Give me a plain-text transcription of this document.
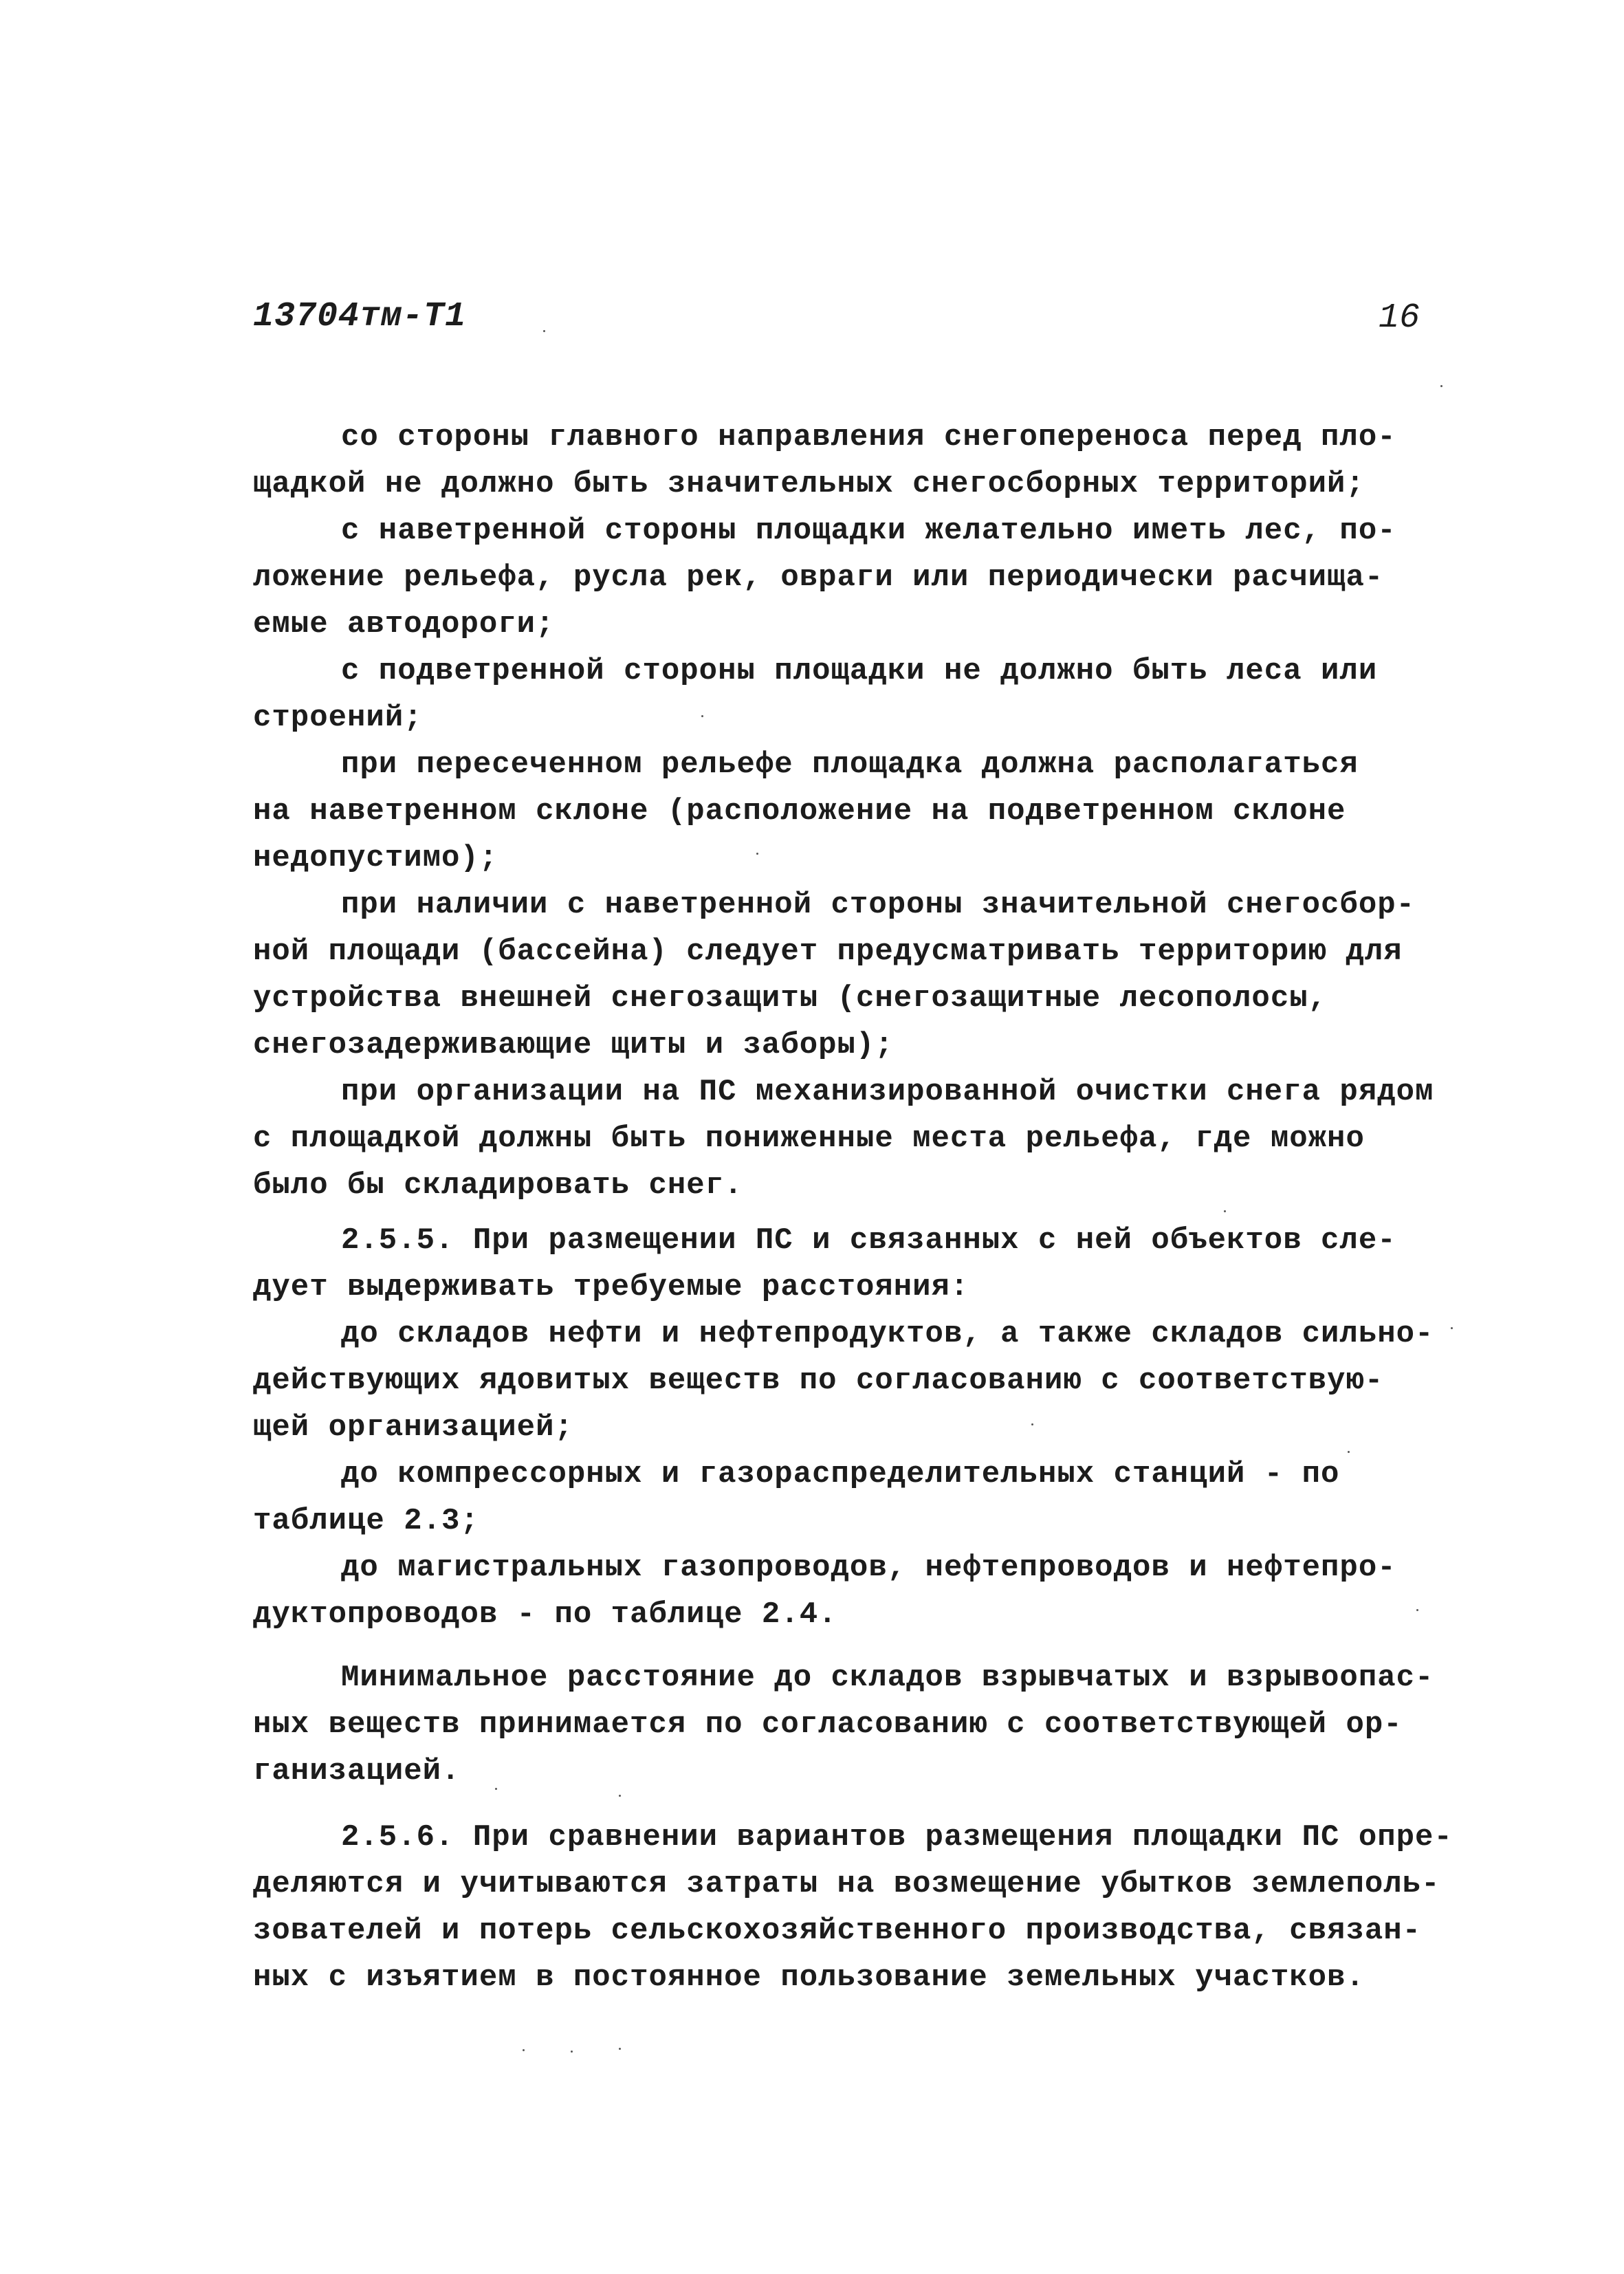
13704тм-Т1	16
со стороны главного направления снегопереноса перед пло-
щадкой не должно быть значительных снегосборных территорий;
с наветренной стороны площадки желательно иметь лес, по-
ложение рельефа, русла рек, овраги или периодически расчища-
емые автодороги;
с подветренной стороны площадки не должно быть леса или
строений;
при пересеченном рельефе площадка должна располагаться
на наветренном склоне (расположение на подветренном склоне
недопустимо);
при наличии с наветренной стороны значительной снегосбор-
ной площади (бассейна) следует предусматривать территорию для
устройства внешней снегозащиты (снегозащитные лесополосы,
снегозадерживающие щиты и заборы);
при организации на ПС механизированной очистки снега рядом
с площадкой должны быть пониженные места рельефа, где можно
было бы складировать снег.
2.5.5. При размещении ПС и связанных с ней объектов сле-
дует выдерживать требуемые расстояния:
до складов нефти и нефтепродуктов, а также складов сильно-
действующих ядовитых веществ по согласованию с соответствую-
щей организацией;
до компрессорных и газораспределительных станций - по
таблице 2.3;
до магистральных газопроводов, нефтепроводов и нефтепро-
дуктопроводов - по таблице 2.4.
Минимальное расстояние до складов взрывчатых и взрывоопас-
ных веществ принимается по согласованию с соответствующей ор-
ганизацией.
2.5.6. При сравнении вариантов размещения площадки ПС опре-
деляются и учитываются затраты на возмещение убытков землеполь-
зователей и потерь сельскохозяйственного производства, связан-
ных с изъятием в постоянное пользование земельных участков.
